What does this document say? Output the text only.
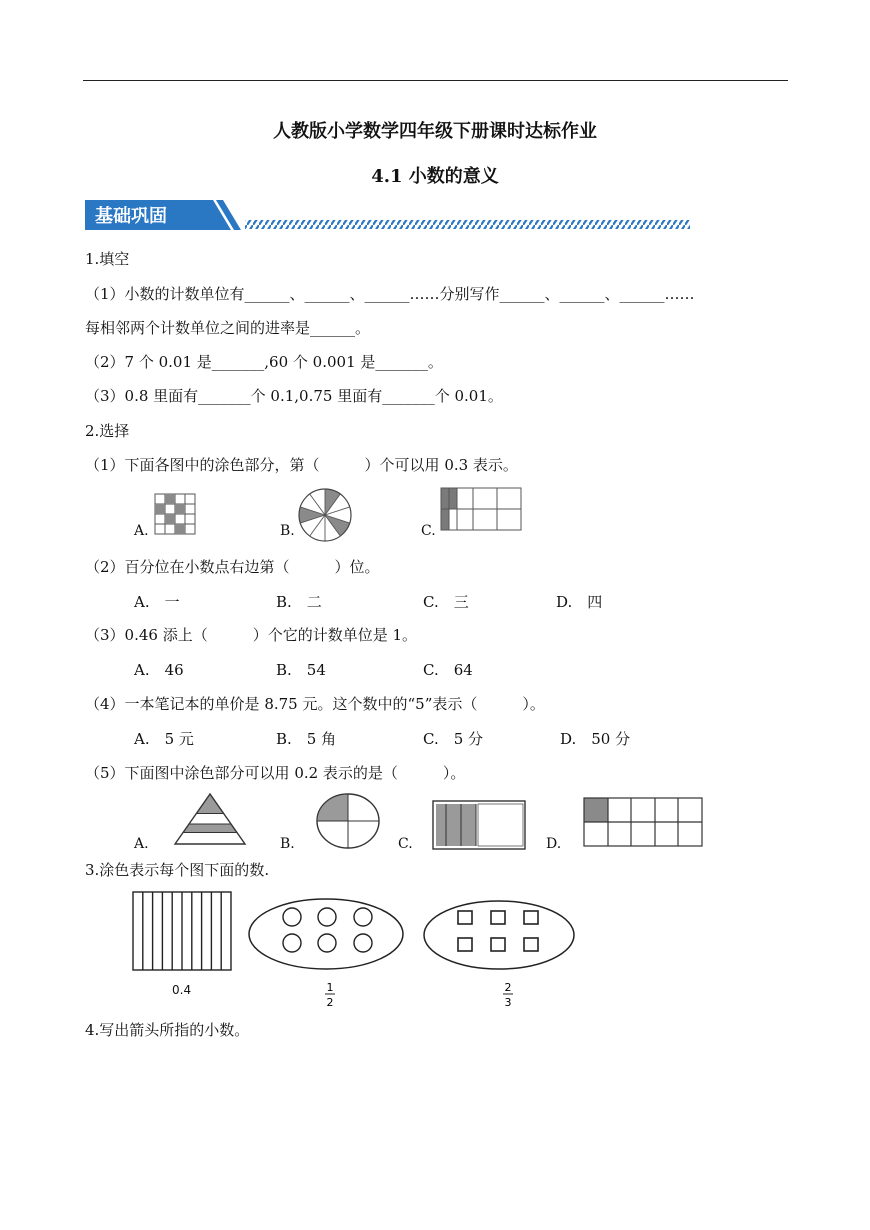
人教版小学数学四年级下册课时达标作业
4.1 小数的意义
基础巩固
1.填空
（1）小数的计数单位有______、______、______……分别写作______、______、______……
每相邻两个计数单位之间的进率是______。
（2）7 个 0.01 是_______,60 个 0.001 是_______。
（3）0.8 里面有_______个 0.1,0.75 里面有_______个 0.01。
2.选择
（1）下面各图中的涂色部分，第（　　　）个可以用 0.3 表示。
A.	B.	C.
（2）百分位在小数点右边第（　　　）位。
A.　一	B.　二	C.　三	D.　四
（3）0.46 添上（　　　）个它的计数单位是 1。
A.　46	B.　54	C.　64
（4）一本笔记本的单价是 8.75 元。这个数中的“5”表示（　　　）。
A.　5 元	B.　5 角	C.　5 分	D.　50 分
（5）下面图中涂色部分可以用 0.2 表示的是（　　　）。
A.	B.	C.	D.
3.涂色表示每个图下面的数.
0.4	1
2
2
3
4.写出箭头所指的小数。
